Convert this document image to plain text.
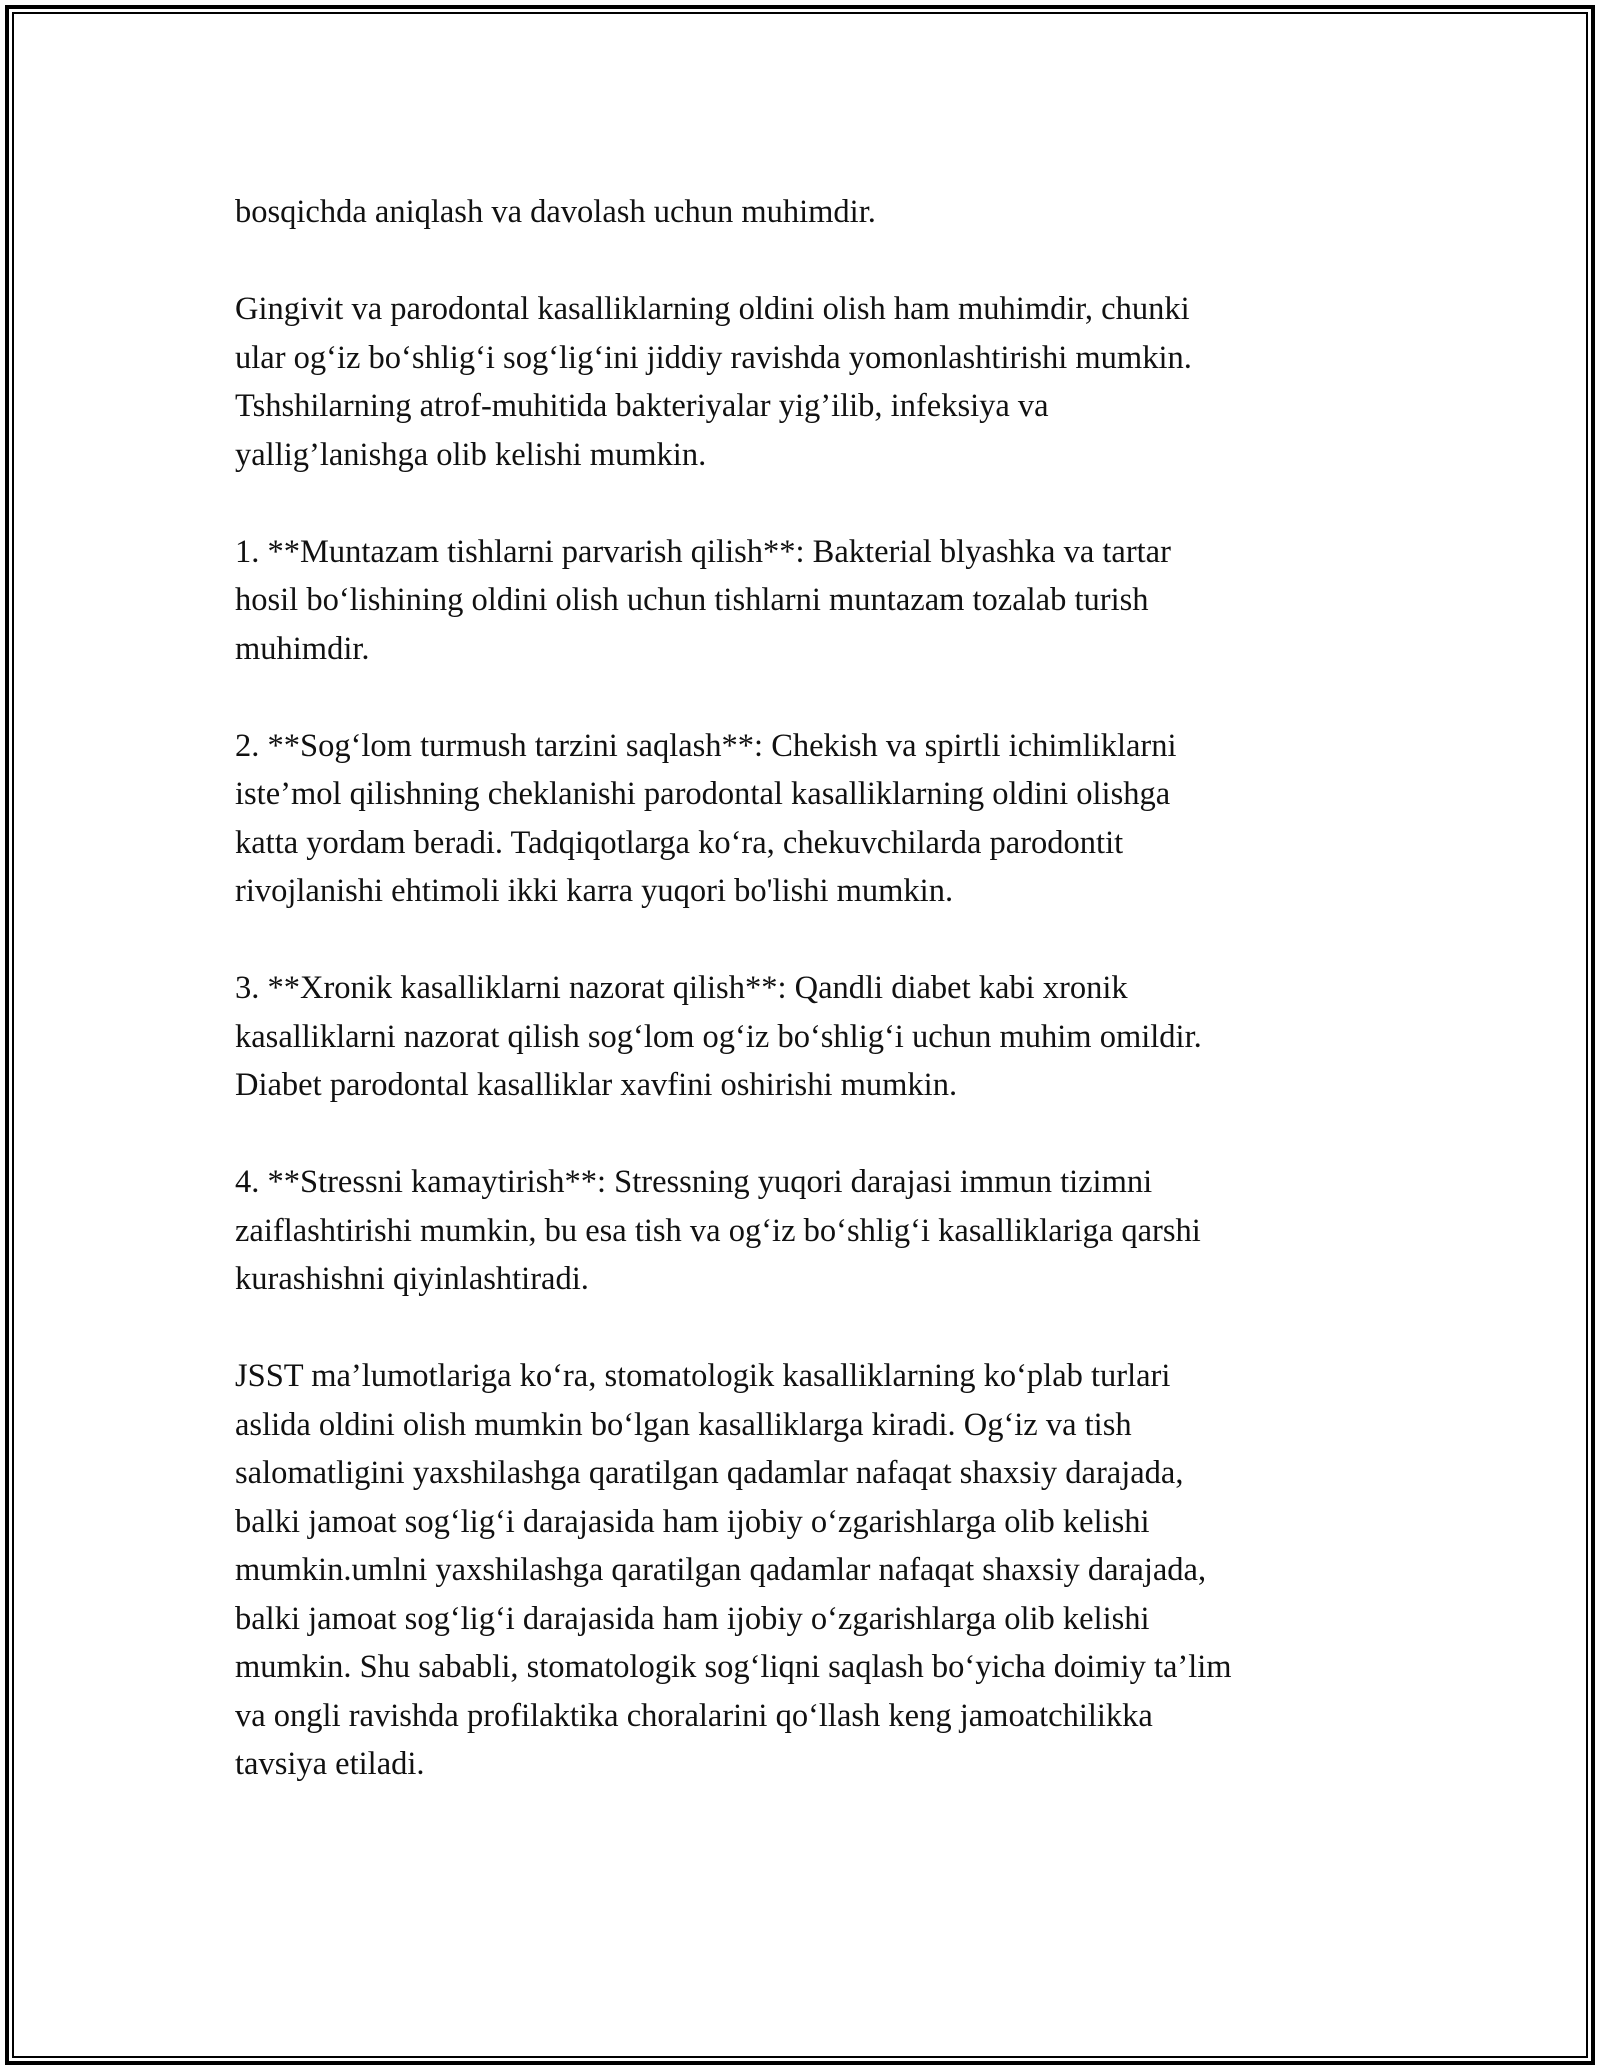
bosqichda aniqlash va davolash uchun muhimdir.

Gingivit va parodontal kasalliklarning oldini olish ham muhimdir, chunki
ular og‘iz bo‘shlig‘i sog‘lig‘ini jiddiy ravishda yomonlashtirishi mumkin.
Tshshilarning atrof-muhitida bakteriyalar yig’ilib, infeksiya va
yallig’lanishga olib kelishi mumkin.

1. **Muntazam tishlarni parvarish qilish**: Bakterial blyashka va tartar
hosil bo‘lishining oldini olish uchun tishlarni muntazam tozalab turish
muhimdir.

2. **Sog‘lom turmush tarzini saqlash**: Chekish va spirtli ichimliklarni
iste’mol qilishning cheklanishi parodontal kasalliklarning oldini olishga
katta yordam beradi. Tadqiqotlarga ko‘ra, chekuvchilarda parodontit
rivojlanishi ehtimoli ikki karra yuqori bo'lishi mumkin.

3. **Xronik kasalliklarni nazorat qilish**: Qandli diabet kabi xronik
kasalliklarni nazorat qilish sog‘lom og‘iz bo‘shlig‘i uchun muhim omildir.
Diabet parodontal kasalliklar xavfini oshirishi mumkin.

4. **Stressni kamaytirish**: Stressning yuqori darajasi immun tizimni
zaiflashtirishi mumkin, bu esa tish va og‘iz bo‘shlig‘i kasalliklariga qarshi
kurashishni qiyinlashtiradi.

JSST ma’lumotlariga ko‘ra, stomatologik kasalliklarning ko‘plab turlari
aslida oldini olish mumkin bo‘lgan kasalliklarga kiradi. Og‘iz va tish
salomatligini yaxshilashga qaratilgan qadamlar nafaqat shaxsiy darajada,
balki jamoat sog‘lig‘i darajasida ham ijobiy o‘zgarishlarga olib kelishi
mumkin.umlni yaxshilashga qaratilgan qadamlar nafaqat shaxsiy darajada,
balki jamoat sog‘lig‘i darajasida ham ijobiy o‘zgarishlarga olib kelishi
mumkin. Shu sababli, stomatologik sog‘liqni saqlash bo‘yicha doimiy ta’lim
va ongli ravishda profilaktika choralarini qo‘llash keng jamoatchilikka
tavsiya etiladi.
